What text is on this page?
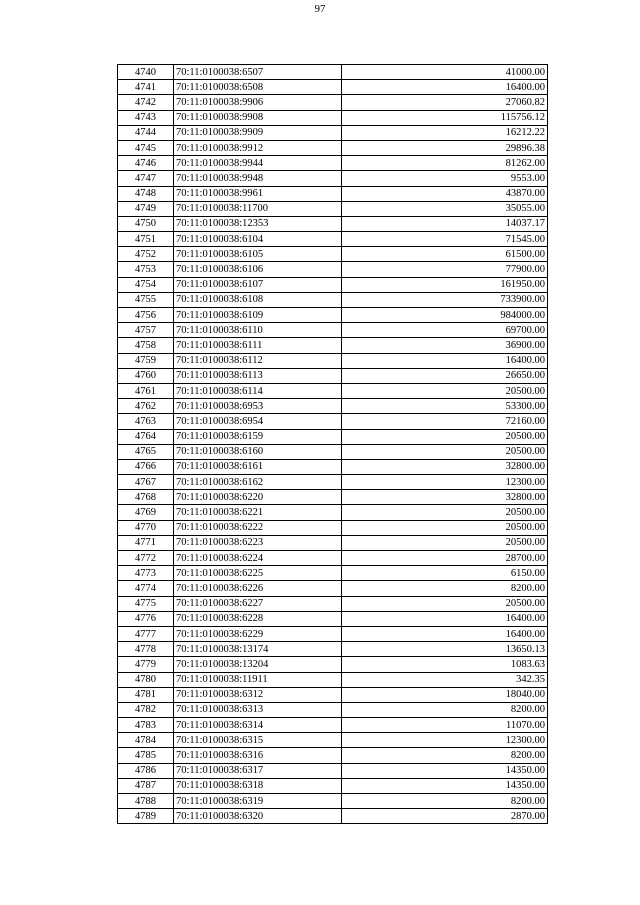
97
4740	70:11:0100038:6507	41000.00
4741	70:11:0100038:6508	16400.00
4742	70:11:0100038:9906	27060.82
4743	70:11:0100038:9908	115756.12
4744	70:11:0100038:9909	16212.22
4745	70:11:0100038:9912	29896.38
4746	70:11:0100038:9944	81262.00
4747	70:11:0100038:9948	9553.00
4748	70:11:0100038:9961	43870.00
4749	70:11:0100038:11700	35055.00
4750	70:11:0100038:12353	14037.17
4751	70:11:0100038:6104	71545.00
4752	70:11:0100038:6105	61500.00
4753	70:11:0100038:6106	77900.00
4754	70:11:0100038:6107	161950.00
4755	70:11:0100038:6108	733900.00
4756	70:11:0100038:6109	984000.00
4757	70:11:0100038:6110	69700.00
4758	70:11:0100038:6111	36900.00
4759	70:11:0100038:6112	16400.00
4760	70:11:0100038:6113	26650.00
4761	70:11:0100038:6114	20500.00
4762	70:11:0100038:6953	53300.00
4763	70:11:0100038:6954	72160.00
4764	70:11:0100038:6159	20500.00
4765	70:11:0100038:6160	20500.00
4766	70:11:0100038:6161	32800.00
4767	70:11:0100038:6162	12300.00
4768	70:11:0100038:6220	32800.00
4769	70:11:0100038:6221	20500.00
4770	70:11:0100038:6222	20500.00
4771	70:11:0100038:6223	20500.00
4772	70:11:0100038:6224	28700.00
4773	70:11:0100038:6225	6150.00
4774	70:11:0100038:6226	8200.00
4775	70:11:0100038:6227	20500.00
4776	70:11:0100038:6228	16400.00
4777	70:11:0100038:6229	16400.00
4778	70:11:0100038:13174	13650.13
4779	70:11:0100038:13204	1083.63
4780	70:11:0100038:11911	342.35
4781	70:11:0100038:6312	18040.00
4782	70:11:0100038:6313	8200.00
4783	70:11:0100038:6314	11070.00
4784	70:11:0100038:6315	12300.00
4785	70:11:0100038:6316	8200.00
4786	70:11:0100038:6317	14350.00
4787	70:11:0100038:6318	14350.00
4788	70:11:0100038:6319	8200.00
4789	70:11:0100038:6320	2870.00
